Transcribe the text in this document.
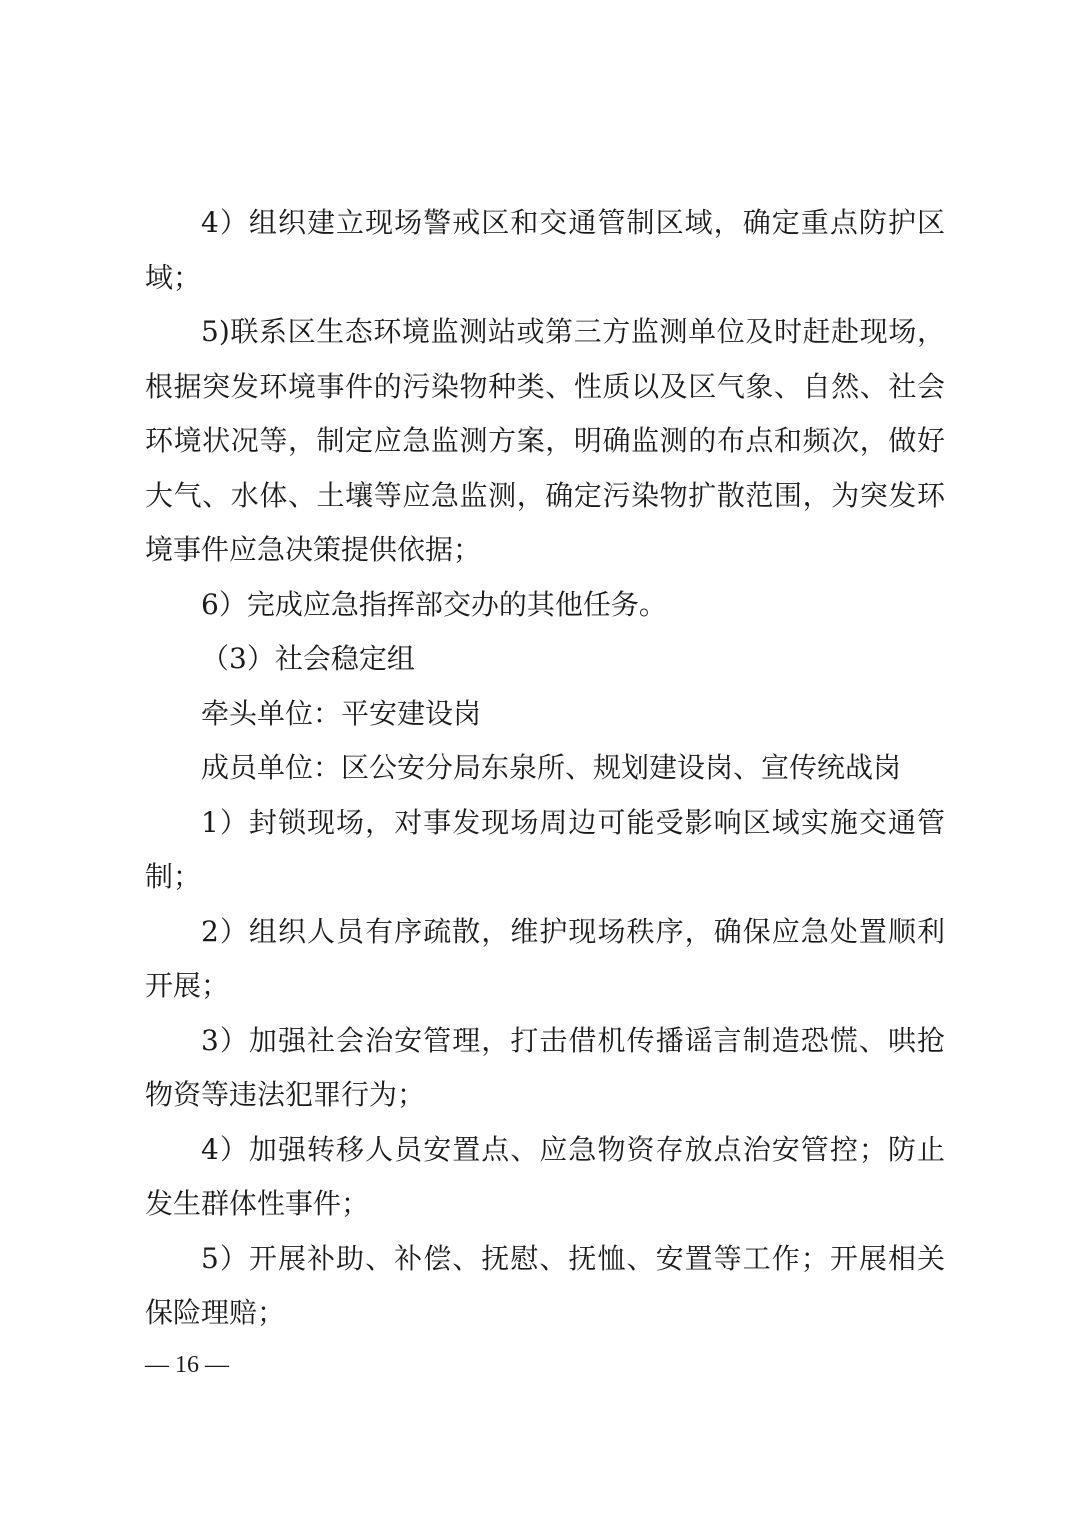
4）组织建立现场警戒区和交通管制区域，确定重点防护区
域；
5)联系区生态环境监测站或第三方监测单位及时赶赴现场，
根据突发环境事件的污染物种类、性质以及区气象、自然、社会
环境状况等，制定应急监测方案，明确监测的布点和频次，做好
大气、水体、土壤等应急监测，确定污染物扩散范围，为突发环
境事件应急决策提供依据；
6）完成应急指挥部交办的其他任务。
（3）社会稳定组
牵头单位：平安建设岗
成员单位：区公安分局东泉所、规划建设岗、宣传统战岗
1）封锁现场，对事发现场周边可能受影响区域实施交通管
制；
2）组织人员有序疏散，维护现场秩序，确保应急处置顺利
开展；
3）加强社会治安管理，打击借机传播谣言制造恐慌、哄抢
物资等违法犯罪行为；
4）加强转移人员安置点、应急物资存放点治安管控；防止
发生群体性事件；
5）开展补助、补偿、抚慰、抚恤、安置等工作；开展相关
保险理赔；
— 16 —
